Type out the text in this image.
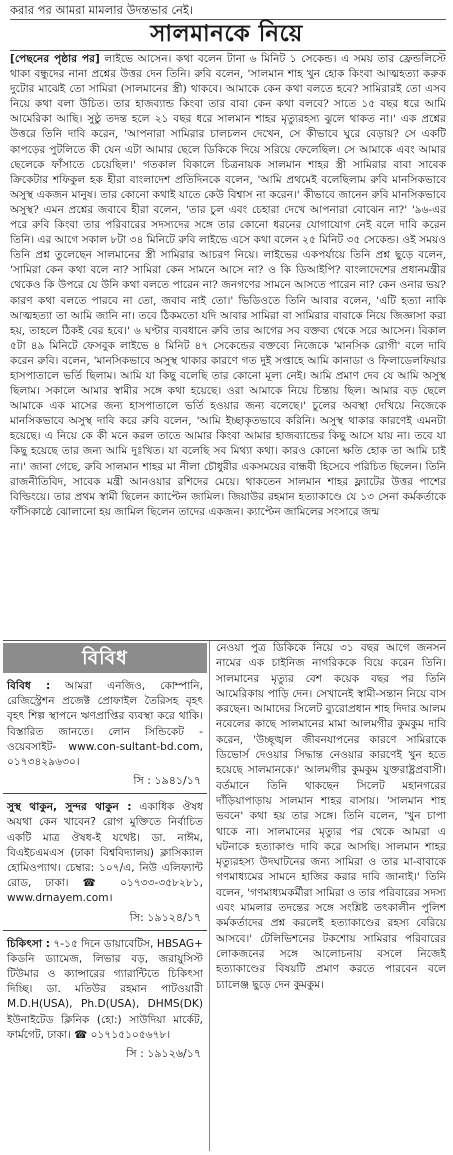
করার পর আমরা মামলার উদন্তভার নেই।
সালমানকে নিয়ে
[পেছনের পৃষ্ঠার পর] লাইভে আসেন। কথা বলেন টানা ৬ মিনিট ১ সেকেন্ড। এ সময় তার ফ্রেন্ডলিস্টে থাকা বন্ধুদের নানা প্রশ্নের উত্তর দেন তিনি। রুবি বলেন, 'সালমান শাহ খুন হোক কিংবা আত্মহত্যা করুক দুটোর মাঝেই তো সামিরা (সালমানের স্ত্রী) থাকবে। আমাকে কেন কথা বলতে হবে? সামিরারই তো এসব নিয়ে কথা বলা উচিত। তার হাজব্যান্ড কিংবা তার বাবা কেন কথা বলবে? সাতে ১৫ বছর ধরে আমি আমেরিকা আছি। সুষ্ঠু তদন্ত হলে ২১ বছর ধরে সালমান শাহর মৃত্যুরহস্য ঝুলে থাকত না।' এক প্রশ্নের উত্তরে তিনি দাবি করেন, 'আপনারা সামিরার চালচলন দেখেন, সে কীভাবে ঘুরে বেড়ায়? সে একটি কাপড়ের পুটলিতে কী যেন এটা আমার ছেলে ডিকিকে দিয়ে সরিয়ে ফেলেছিল। সে আমাকে এবং আমার ছেলেকে ফাঁসাতে চেয়েছিল।' গতকাল বিকালে চিত্রনায়ক সালমান শাহর স্ত্রী সামিরার বাবা সাবেক ক্রিকেটার শফিকুল হক হীরা বাংলাদেশ প্রতিদিনকে বলেন, 'আমি প্রথমেই বলেছিলাম রুবি মানসিকভাবে অসুস্থ একজন মানুষ। তার কোনো কথাই যাতে কেউ বিশ্বাস না করেন।' কীভাবে জানেন রুবি মানসিকভাবে অসুস্থ? এমন প্রশ্নের জবাবে হীরা বলেন, 'তার চুল এবং চেহারা দেখে আপনারা বোঝেন না?' '৯৬-এর পরে রুবি কিংবা তার পরিবারের সদস্যদের সঙ্গে তার কোনো ধরনের যোগাযোগ নেই বলে দাবি করেন তিনি। এর আগে সকাল ৮টা ৩৪ মিনিটে রুবি লাইভে এসে কথা বলেন ২৫ মিনিট ৩৫ সেকেন্ড। ওই সময়ও তিনি প্রশ্ন তুলেছেন সালমানের স্ত্রী সামিরার আচরণ নিয়ে। লাইভের একপর্যায়ে তিনি প্রশ্ন ছুড়ে বলেন, 'সামিরা কেন কথা বলে না? সামিরা কেন সামনে আসে না? ও কি ডিআইপি? বাংলাদেশের প্রধানমন্ত্রীর থেকেও কি উপরে যে উনি কথা বলতে পারেন না? জনগণের সামনে আসতে পারেন না? কেন ওনার ভয়? কারণ কথা বলতে পারবে না তো, জবাব নাই তো।' ভিডিওতে তিনি আবার বলেন, 'এটি হত্যা নাকি আত্মহত্যা তা আমি জানি না। তবে ঠিকমতো যদি আবার সামিরা বা সামিরার বাবাকে নিয়ে জিজ্ঞাসা করা হয়, তাহলে ঠিকই বের হবে।' ৬ ঘণ্টার ব্যবধানে রুবি তার আগের সব বক্তব্য থেকে সরে আসেন। বিকাল ৫টা ৪৯ মিনিটে ফেসবুক লাইভে ৪ মিনিট ৪৭ সেকেন্ডের বক্তব্যে নিজেকে 'মানসিক রোগী' বলে দাবি করেন রুবি। বলেন, 'মানসিকভাবে অসুস্থ থাকার কারণে গত দুই সপ্তাহে আমি কানাডা ও ফিলাডেলফিয়ার হাসপাতালে ভর্তি ছিলাম। আমি যা কিছু বলেছি তার কোনো মূল্য নেই। আমি প্রমাণ দেব যে আমি অসুস্থ ছিলাম। সকালে আমার স্বামীর সঙ্গে কথা হয়েছে। ওরা আমাকে নিয়ে চিন্তায় ছিল। আমার বড় ছেলে আমাকে এক মাসের জন্য হাসপাতালে ভর্তি হওয়ার জন্য বলেছে।' চুলের অবস্থা দেখিয়ে নিজেকে মানসিকভাবে অসুস্থ দাবি করে রুবি বলেন, 'আমি ইচ্ছাকৃতভাবে করিনি। অসুস্থ থাকার কারণেই এমনটা হয়েছে। এ নিয়ে কে কী মনে করল তাতে আমার কিংবা আমার হাজব্যান্ডের কিছু আসে যায় না। তবে যা কিছু হয়েছে তার জন্য আমি দুঃখিত। যা বলেছি সব মিথ্যা কথা। কারও কোনো ক্ষতি হোক তা আমি চাই না।' জানা গেছে, রুবি সালমান শাহর মা নীলা চৌধুরীর একসময়ের বান্ধবী হিসেবে পরিচিত ছিলেন। তিনি রাজনীতিবিদ, সাবেক মন্ত্রী আনওয়ার রশিদের মেয়ে। থাকতেন সালমান শাহর ফ্ল্যাটের উত্তর পাশের বিল্ডিংয়ে। তার প্রথম স্বামী ছিলেন ক্যাপ্টেন জামিল। জিয়াউর রহমান হত্যাকাণ্ডে যে ১৩ সেনা কর্মকর্তাকে ফাঁসিকাষ্ঠে ঝোলানো হয় জামিল ছিলেন তাদের একজন। ক্যাপ্টেন জামিলের সংসারে জন্ম
বিবিধ

বিবিধ : আমরা এনজিও, কোম্পানি, রেজিস্ট্রেশন প্রজেক্ট প্রোফাইল তৈরিসহ বৃহৎ বৃহৎ শিল্প স্থাপনে ঋণপ্রাপ্তির ব্যবস্থা করে থাকি। বিস্তারিত জানতে। লোন সিন্ডিকেট - ওয়েবসাইট- www.con-sultant-bd.com, ০১৭৩৪২৯৬৩০।

সি : ১৯৪১/১৭

সুস্থ থাকুন, সুন্দর থাকুন : একাধিক ঔষধ অযথা কেন খাবেন? রোগ মুক্তিতে নির্বাচিত একটি মাত্র ঔষধ-ই যথেষ্ট। ডা. নাঈম, বিএইচএমএস (ঢাকা বিশ্ববিদ্যালয়) ক্লাসিক্যাল হোমিওপ্যাথ। চেম্বার: ১০৭/এ, নিউ এলিফ্যান্ট রোড, ঢাকা। ☎ ০১৭৩৩-৩৫৮২৮১, www.drnayem.com।

সি: ১৯১২৪/১৭

চিকিৎসা : ৭-১৫ দিনে ডায়াবেটিস, HBSAG+ কিডনি ড্যামেজ, লিভার বড়, জরায়ুসিস্ট টিউমার ও ক্যান্সারের গ্যারান্টিতে চিকিৎসা দিচ্ছি। ডা. মতিউর রহমান পাটওয়ারী M.D.H(USA), Ph.D(USA), DHMS(DK) ইউনাইটেড ক্লিনিক (হো:) সাউদিয়া মার্কেট, ফার্মগেট, ঢাকা। ☎ ০১৭১৫১০৫৬৭৮।

সি : ১৯১২৬/১৭
নেওয়া পুত্র ডিকিকে নিয়ে ৩১ বছর আগে জনসন নামের এক চাইনিজ নাগরিককে বিয়ে করেন তিনি। সালমানের মৃত্যুর বেশ কয়েক বছর পর তিনি আমেরিকায় পাড়ি দেন। সেখানেই স্বামী-সন্তান নিয়ে বাস করছেন। আমাদের সিলেট ব্যুরোপ্রধান শাহ দিদার আলম নবেলের কাছে সালমানের মামা আলমগীর কুমকুম দাবি করেন, 'উচ্ছৃঙ্খল জীবনযাপনের কারণে সামিরাকে ডিভোর্স দেওয়ার সিদ্ধান্ত নেওয়ার কারণেই খুন হতে হয়েছে সালমানকে।' আলমগীর কুমকুম যুক্তরাষ্ট্রপ্রবাসী। বর্তমানে তিনি থাকছেন সিলেট মহানগরের দাঁড়িয়াপাড়ায় সালমান শাহর বাসায়। 'সালমান শাহ ভবনে' কথা হয় তার সঙ্গে। তিনি বলেন, 'খুন চাপা থাকে না। সালমানের মৃত্যুর পর থেকে আমরা এ ঘটনাকে হত্যাকাণ্ড দাবি করে আসছি। সালমান শাহর মৃত্যুরহস্য উদঘাটনের জন্য সামিরা ও তার মা-বাবাকে গণমাধ্যমের সামনে হাজির করার দাবি জানাই।' তিনি বলেন, 'গণমাধ্যমকর্মীরা সামিরা ও তার পরিবারের সদস্য এবং মামলার তদন্তের সঙ্গে সংশ্লিষ্ট তৎকালীন পুলিশ কর্মকর্তাদের প্রশ্ন করলেই হত্যাকাণ্ডের রহস্য বেরিয়ে আসবে।' টেলিভিশনের টকশোয় সামিরার পরিবারের লোকজনের সঙ্গে আলোচনায় বসলে নিজেই হত্যাকাণ্ডের বিষয়টি প্রমাণ করতে পারবেন বলে চ্যালেঞ্জ ছুড়ে দেন কুমকুম।
